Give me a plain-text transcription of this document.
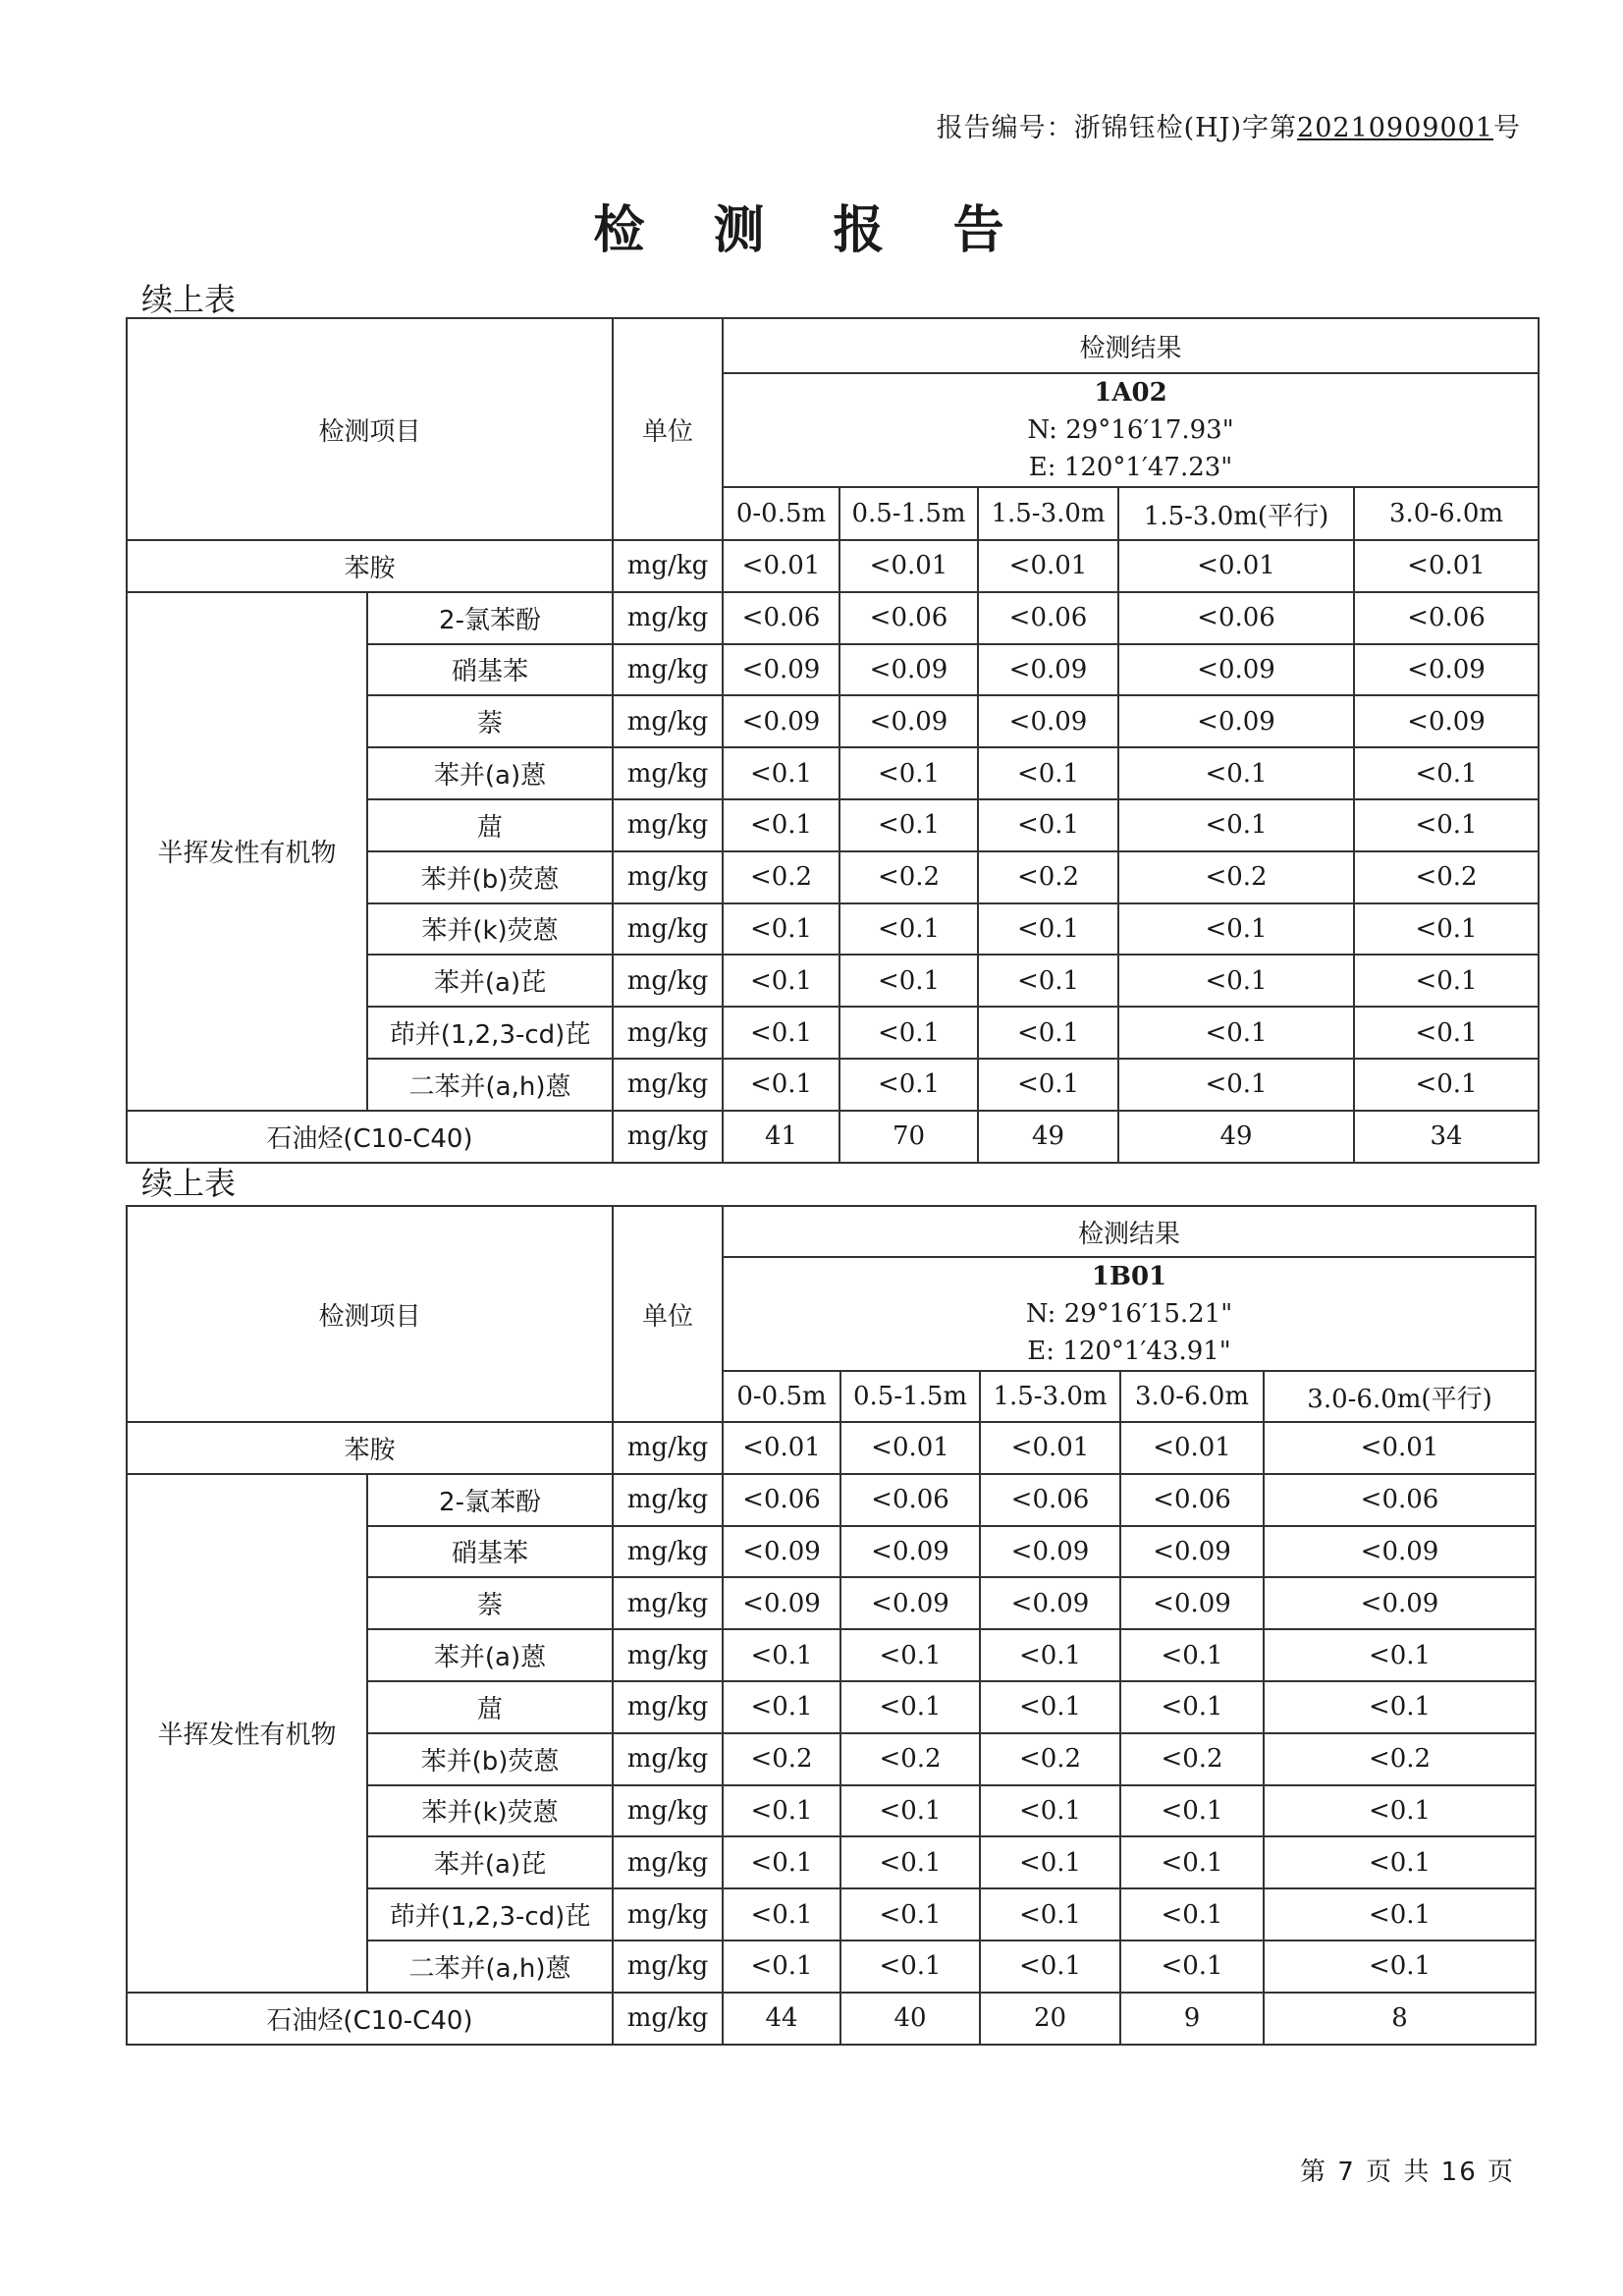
报告编号：浙锦钰检(HJ)字第20210909001号
检 测 报 告
续上表
检测项目		单位	检测结果				

			1A02
N: 29°16′17.93"
E: 120°1′47.23"				

			0-0.5m	0.5-1.5m	1.5-3.0m	1.5-3.0m(平行)	3.0-6.0m
苯胺		mg/kg	<0.01	<0.01	<0.01	<0.01	<0.01
半挥发性有机物	2-氯苯酚	mg/kg	<0.06	<0.06	<0.06	<0.06	<0.06
	硝基苯	mg/kg	<0.09	<0.09	<0.09	<0.09	<0.09
	萘	mg/kg	<0.09	<0.09	<0.09	<0.09	<0.09
	苯并(a)蒽	mg/kg	<0.1	<0.1	<0.1	<0.1	<0.1
	䓛	mg/kg	<0.1	<0.1	<0.1	<0.1	<0.1
	苯并(b)荧蒽	mg/kg	<0.2	<0.2	<0.2	<0.2	<0.2
	苯并(k)荧蒽	mg/kg	<0.1	<0.1	<0.1	<0.1	<0.1
	苯并(a)芘	mg/kg	<0.1	<0.1	<0.1	<0.1	<0.1
	茚并(1,2,3-cd)芘	mg/kg	<0.1	<0.1	<0.1	<0.1	<0.1
	二苯并(a,h)蒽	mg/kg	<0.1	<0.1	<0.1	<0.1	<0.1
石油烃(C10-C40)		mg/kg	41	70	49	49	34
续上表
检测项目		单位	检测结果				

			1B01
N: 29°16′15.21"
E: 120°1′43.91"				

			0-0.5m	0.5-1.5m	1.5-3.0m	3.0-6.0m	3.0-6.0m(平行)
苯胺		mg/kg	<0.01	<0.01	<0.01	<0.01	<0.01
半挥发性有机物	2-氯苯酚	mg/kg	<0.06	<0.06	<0.06	<0.06	<0.06
	硝基苯	mg/kg	<0.09	<0.09	<0.09	<0.09	<0.09
	萘	mg/kg	<0.09	<0.09	<0.09	<0.09	<0.09
	苯并(a)蒽	mg/kg	<0.1	<0.1	<0.1	<0.1	<0.1
	䓛	mg/kg	<0.1	<0.1	<0.1	<0.1	<0.1
	苯并(b)荧蒽	mg/kg	<0.2	<0.2	<0.2	<0.2	<0.2
	苯并(k)荧蒽	mg/kg	<0.1	<0.1	<0.1	<0.1	<0.1
	苯并(a)芘	mg/kg	<0.1	<0.1	<0.1	<0.1	<0.1
	茚并(1,2,3-cd)芘	mg/kg	<0.1	<0.1	<0.1	<0.1	<0.1
	二苯并(a,h)蒽	mg/kg	<0.1	<0.1	<0.1	<0.1	<0.1
石油烃(C10-C40)		mg/kg	44	40	20	9	8
第 7 页 共 16 页
